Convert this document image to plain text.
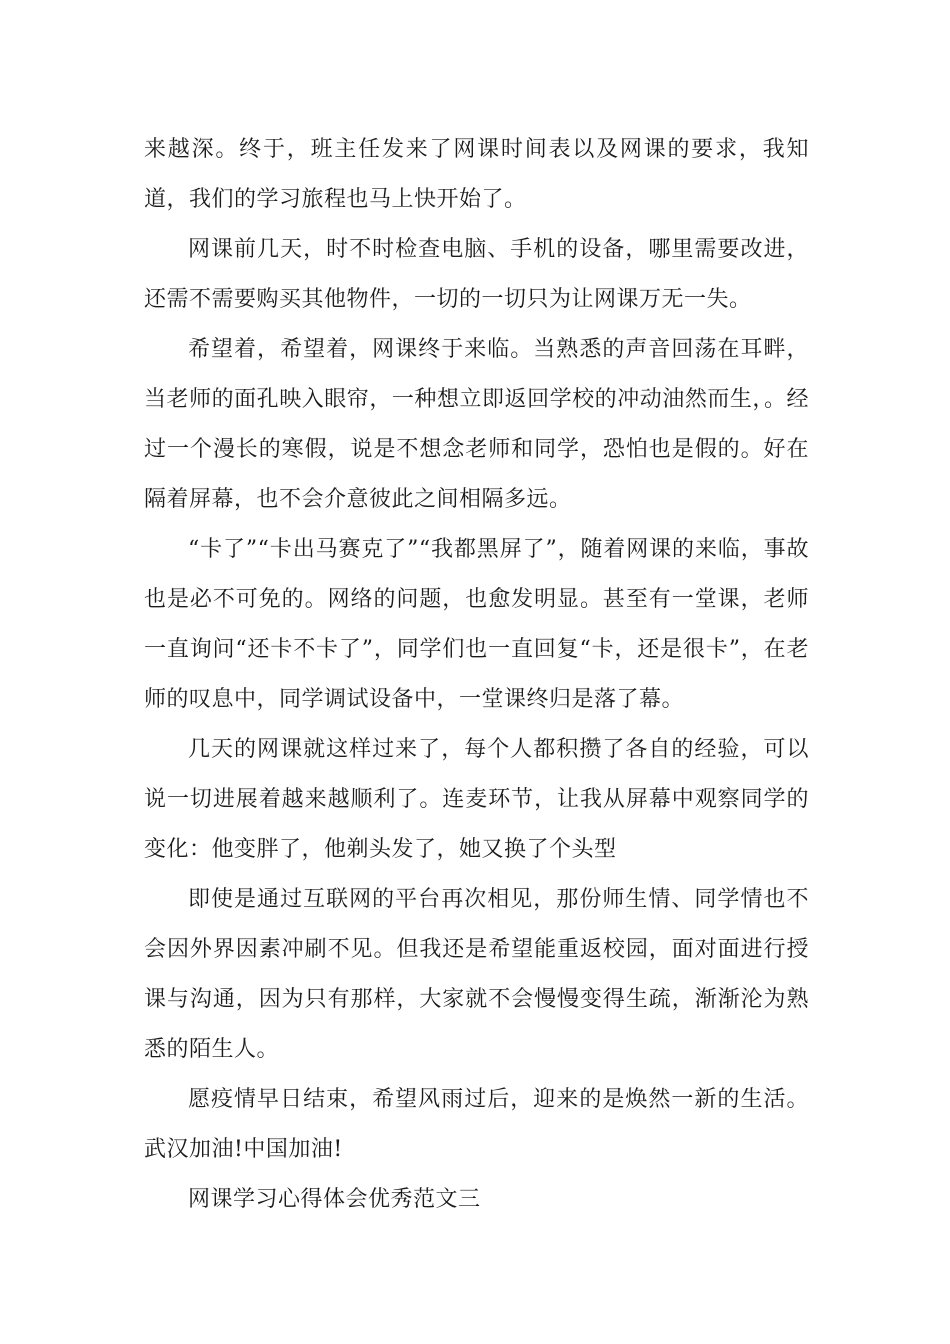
来越深。终于，班主任发来了网课时间表以及网课的要求，我知道，我们的学习旅程也马上快开始了。

网课前几天，时不时检查电脑、手机的设备，哪里需要改进，还需不需要购买其他物件，一切的一切只为让网课万无一失。

希望着，希望着，网课终于来临。当熟悉的声音回荡在耳畔，当老师的面孔映入眼帘，一种想立即返回学校的冲动油然而生，。经过一个漫长的寒假，说是不想念老师和同学，恐怕也是假的。好在隔着屏幕，也不会介意彼此之间相隔多远。

“卡了”“卡出马赛克了”“我都黑屏了”，随着网课的来临，事故也是必不可免的。网络的问题，也愈发明显。甚至有一堂课，老师一直询问“还卡不卡了”，同学们也一直回复“卡，还是很卡”，在老师的叹息中，同学调试设备中，一堂课终归是落了幕。

几天的网课就这样过来了，每个人都积攒了各自的经验，可以说一切进展着越来越顺利了。连麦环节，让我从屏幕中观察同学的变化：他变胖了，他剃头发了，她又换了个头型

即使是通过互联网的平台再次相见，那份师生情、同学情也不会因外界因素冲刷不见。但我还是希望能重返校园，面对面进行授课与沟通，因为只有那样，大家就不会慢慢变得生疏，渐渐沦为熟悉的陌生人。

愿疫情早日结束，希望风雨过后，迎来的是焕然一新的生活。武汉加油!中国加油!

网课学习心得体会优秀范文三
